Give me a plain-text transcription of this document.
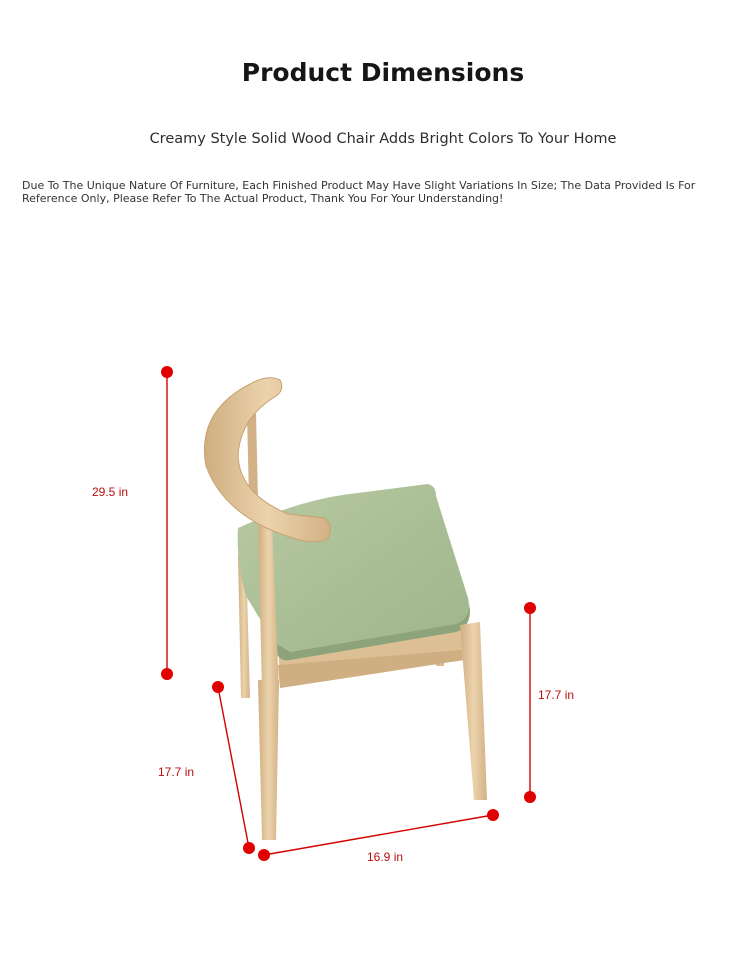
Product Dimensions
Creamy Style Solid Wood Chair Adds Bright Colors To Your Home
Due To The Unique Nature Of Furniture, Each Finished Product May Have Slight Variations In Size; The Data Provided Is For Reference Only, Please Refer To The Actual Product, Thank You For Your Understanding!
29.5 in
17.7 in
17.7 in
16.9 in
